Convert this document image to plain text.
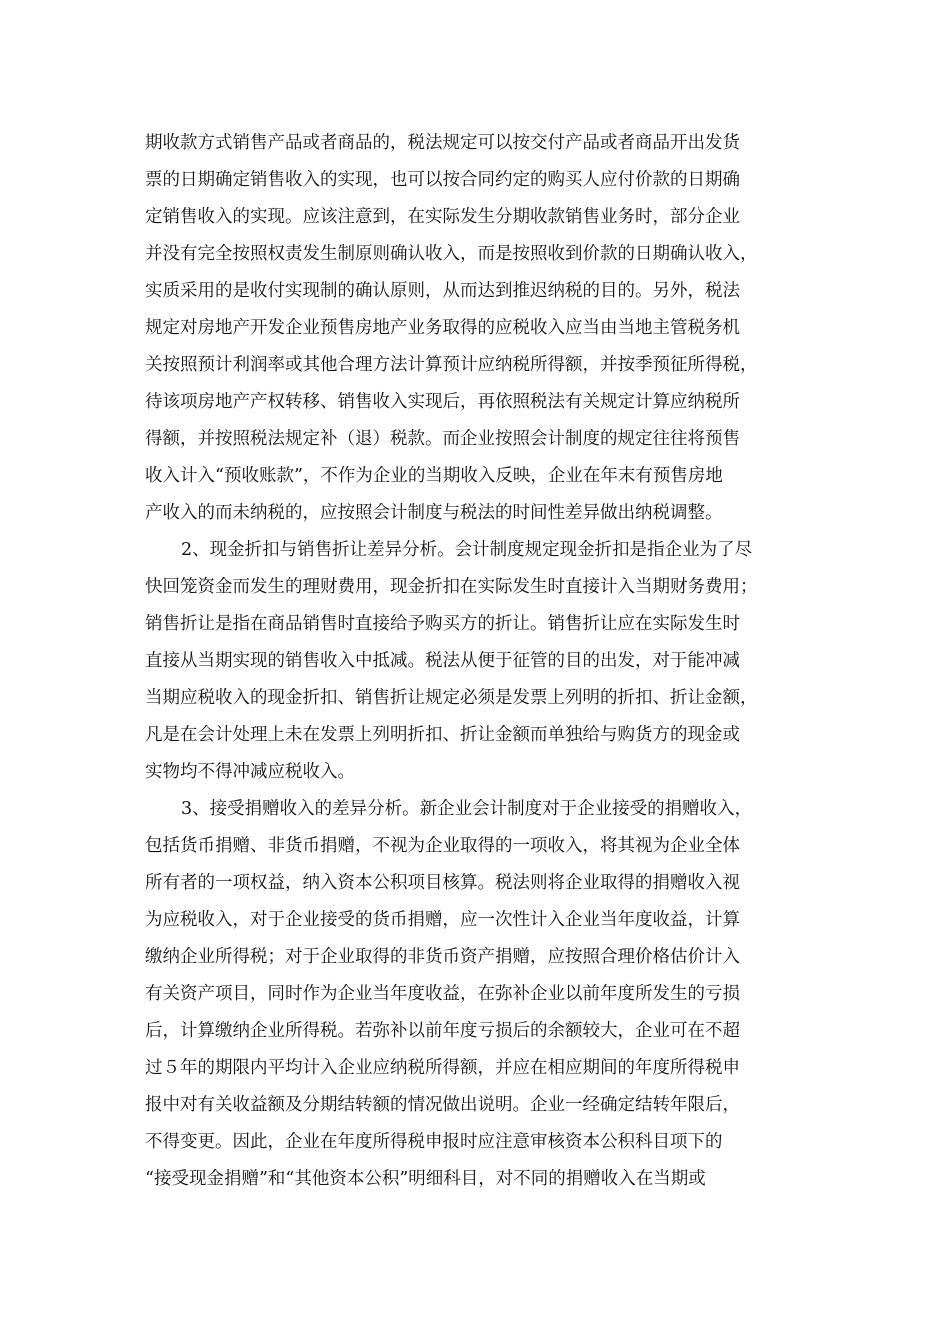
期收款方式销售产品或者商品的，税法规定可以按交付产品或者商品开出发货
票的日期确定销售收入的实现，也可以按合同约定的购买人应付价款的日期确
定销售收入的实现。应该注意到，在实际发生分期收款销售业务时，部分企业
并没有完全按照权责发生制原则确认收入，而是按照收到价款的日期确认收入，
实质采用的是收付实现制的确认原则，从而达到推迟纳税的目的。另外，税法
规定对房地产开发企业预售房地产业务取得的应税收入应当由当地主管税务机
关按照预计利润率或其他合理方法计算预计应纳税所得额，并按季预征所得税，
待该项房地产产权转移、销售收入实现后，再依照税法有关规定计算应纳税所
得额，并按照税法规定补（退）税款。而企业按照会计制度的规定往往将预售
收入计入“预收账款”，不作为企业的当期收入反映，企业在年末有预售房地
产收入的而未纳税的，应按照会计制度与税法的时间性差异做出纳税调整。
2、现金折扣与销售折让差异分析。会计制度规定现金折扣是指企业为了尽
快回笼资金而发生的理财费用，现金折扣在实际发生时直接计入当期财务费用；
销售折让是指在商品销售时直接给予购买方的折让。销售折让应在实际发生时
直接从当期实现的销售收入中抵减。税法从便于征管的目的出发，对于能冲减
当期应税收入的现金折扣、销售折让规定必须是发票上列明的折扣、折让金额，
凡是在会计处理上未在发票上列明折扣、折让金额而单独给与购货方的现金或
实物均不得冲减应税收入。
3、接受捐赠收入的差异分析。新企业会计制度对于企业接受的捐赠收入，
包括货币捐赠、非货币捐赠，不视为企业取得的一项收入，将其视为企业全体
所有者的一项权益，纳入资本公积项目核算。税法则将企业取得的捐赠收入视
为应税收入，对于企业接受的货币捐赠，应一次性计入企业当年度收益，计算
缴纳企业所得税；对于企业取得的非货币资产捐赠，应按照合理价格估价计入
有关资产项目，同时作为企业当年度收益，在弥补企业以前年度所发生的亏损
后，计算缴纳企业所得税。若弥补以前年度亏损后的余额较大，企业可在不超
过５年的期限内平均计入企业应纳税所得额，并应在相应期间的年度所得税申
报中对有关收益额及分期结转额的情况做出说明。企业一经确定结转年限后，
不得变更。因此，企业在年度所得税申报时应注意审核资本公积科目项下的
“接受现金捐赠”和“其他资本公积”明细科目，对不同的捐赠收入在当期或
